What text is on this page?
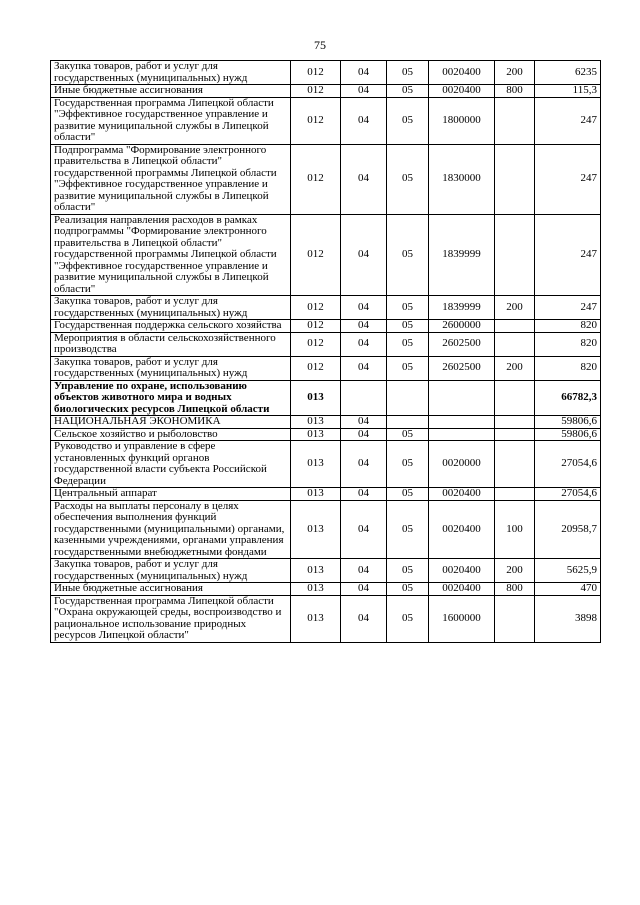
75
Закупка товаров, работ и услуг для государственных (муниципальных) нужд	012	04	05	0020400	200	6235
Иные бюджетные ассигнования	012	04	05	0020400	800	115,3
Государственная программа Липецкой области "Эффективное государственное управление и развитие муниципальной службы в Липецкой области"	012	04	05	1800000		247
Подпрограмма "Формирование электронного правительства в Липецкой области" государственной программы Липецкой области "Эффективное государственное управление и развитие муниципальной службы в Липецкой области"	012	04	05	1830000		247
Реализация направления расходов в рамках подпрограммы "Формирование электронного правительства в Липецкой области" государственной программы Липецкой области "Эффективное государственное управление и развитие муниципальной службы в Липецкой области"	012	04	05	1839999		247
Закупка товаров, работ и услуг для государственных (муниципальных) нужд	012	04	05	1839999	200	247
Государственная поддержка сельского хозяйства	012	04	05	2600000		820
Мероприятия в области сельскохозяйственного производства	012	04	05	2602500		820
Закупка товаров, работ и услуг для государственных (муниципальных) нужд	012	04	05	2602500	200	820
Управление по охране, использованию объектов животного мира и водных биологических ресурсов Липецкой области	013					66782,3
НАЦИОНАЛЬНАЯ ЭКОНОМИКА	013	04				59806,6
Сельское хозяйство и рыболовство	013	04	05			59806,6
Руководство и управление в сфере установленных функций органов государственной власти субъекта Российской Федерации	013	04	05	0020000		27054,6
Центральный аппарат	013	04	05	0020400		27054,6
Расходы на выплаты персоналу в целях обеспечения выполнения функций государственными (муниципальными) органами, казенными учреждениями, органами управления государственными внебюджетными фондами	013	04	05	0020400	100	20958,7
Закупка товаров, работ и услуг для государственных (муниципальных) нужд	013	04	05	0020400	200	5625,9
Иные бюджетные ассигнования	013	04	05	0020400	800	470
Государственная программа Липецкой области "Охрана окружающей среды, воспроизводство и рациональное использование природных ресурсов Липецкой области"	013	04	05	1600000		3898
